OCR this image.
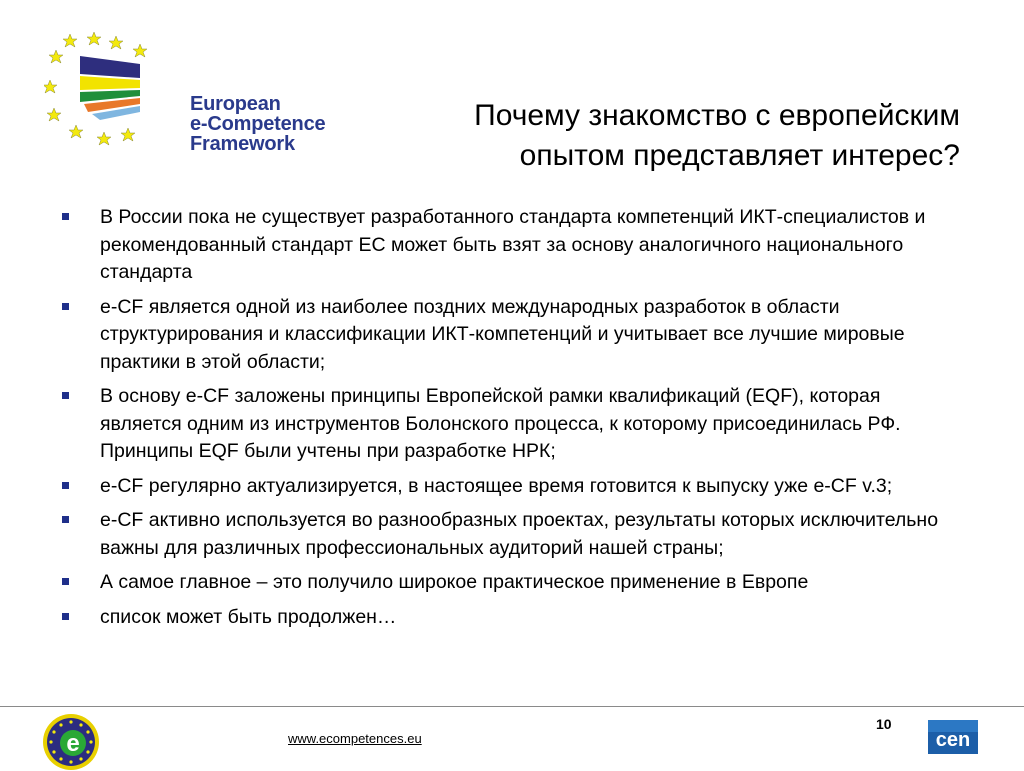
European
e-Competence
Framework
Почему знакомство с европейским
опытом представляет интерес?
В России пока не существует разработанного стандарта компетенций ИКТ-специалистов и рекомендованный стандарт ЕС может быть взят за основу аналогичного национального стандарта
e-CF является одной из наиболее поздних международных разработок в области структурирования и классификации ИКТ-компетенций и учитывает все лучшие мировые практики в этой области;
В основу e-CF заложены принципы Европейской рамки квалификаций (EQF), которая является одним из инструментов Болонского процесса, к которому присоединилась РФ. Принципы EQF были учтены при разработке НРК;
e-CF регулярно актуализируется, в настоящее время готовится к выпуску уже e-CF v.3;
e-CF активно используется во разнообразных проектах, результаты которых исключительно важны для различных профессиональных аудиторий нашей страны;
А самое главное – это получило широкое практическое применение в Европе
список может быть продолжен…
e	www.ecompetences.eu
10
cen
